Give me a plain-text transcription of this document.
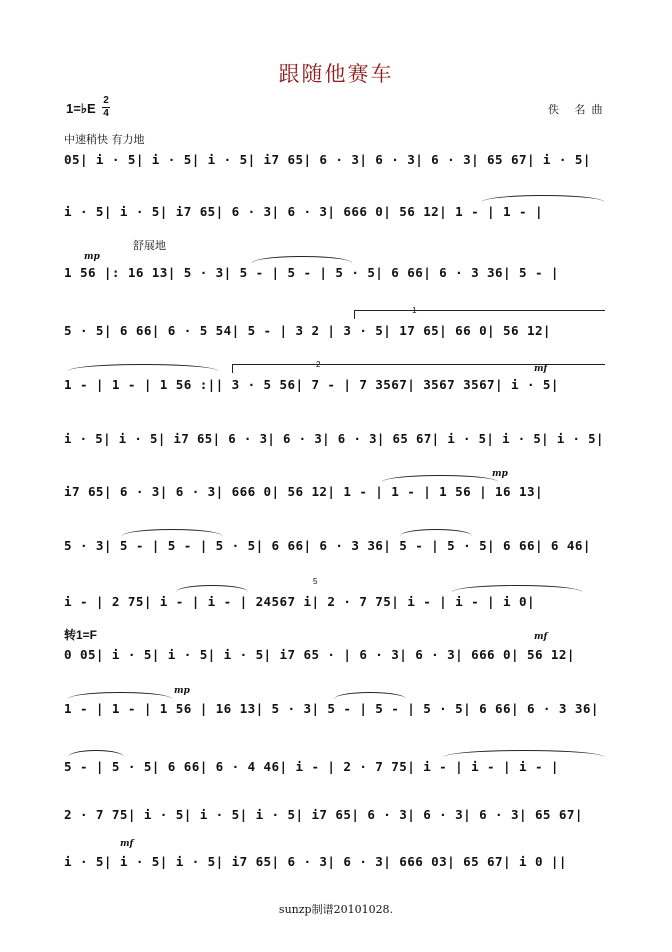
跟随他赛车
1=♭E
2
4	佚 名曲
中速稍快 有力地
舒展地
转1=F
05| i · 5| i · 5| i · 5| i7 65| 6 · 3| 6 · 3| 6 · 3| 65 67| i · 5|
i · 5| i · 5| i7 65| 6 · 3| 6 · 3| 666 0| 56 12| 1 - | 1 - |
1 56 |: 16 13| 5 · 3| 5 - | 5 - | 5 · 5| 6 66| 6 · 3 36| 5 - |
mp
5 · 5| 6 66| 6 · 5 54| 5 - | 3 2 | 3 · 5| 17 65| 66 0| 56 12|
1
1 - | 1 - | 1 56 :|| 3 · 5 56| 7 - | 7 3567| 3567 3567| i · 5|
2	mf
i · 5| i · 5| i7 65| 6 · 3| 6 · 3| 6 · 3| 65 67| i · 5| i · 5| i · 5|
i7 65| 6 · 3| 6 · 3| 666 0| 56 12| 1 - | 1 - | 1 56 | 16 13|
mp
5 · 3| 5 - | 5 - | 5 · 5| 6 66| 6 · 3 36| 5 - | 5 · 5| 6 66| 6 46|
i - | 2 75| i - | i - | 24567 i| 2 · 7 75| i - | i - | i 0|
5
0 05| i · 5| i · 5| i · 5| i7 65 · | 6 · 3| 6 · 3| 666 0| 56 12|
mf
1 - | 1 - | 1 56 | 16 13| 5 · 3| 5 - | 5 - | 5 · 5| 6 66| 6 · 3 36|
mp
5 - | 5 · 5| 6 66| 6 · 4 46| i - | 2 · 7 75| i - | i - | i - |
2 · 7 75| i · 5| i · 5| i · 5| i7 65| 6 · 3| 6 · 3| 6 · 3| 65 67|
i · 5| i · 5| i · 5| i7 65| 6 · 3| 6 · 3| 666 03| 65 67| i 0 ||
mf
sunzp制谱20101028.
